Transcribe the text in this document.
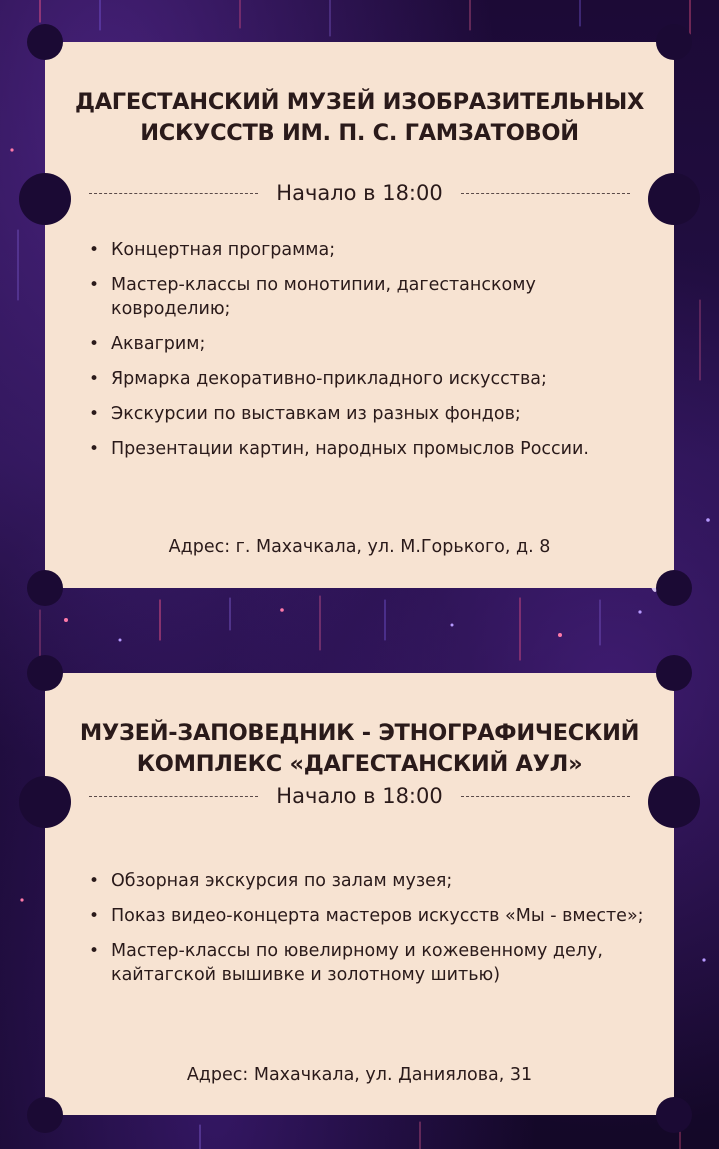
ДАГЕСТАНСКИЙ МУЗЕЙ ИЗОБРАЗИТЕЛЬНЫХ
ИСКУССТВ ИМ. П. С. ГАМЗАТОВОЙ
Начало в 18:00
• Концертная программа;
• Мастер-классы по монотипии, дагестанскому ковроделию;
• Аквагрим;
• Ярмарка декоративно-прикладного искусства;
• Экскурсии по выставкам из разных фондов;
• Презентации картин, народных промыслов России.
Адрес: г. Махачкала, ул. М.Горького, д. 8
МУЗЕЙ-ЗАПОВЕДНИК - ЭТНОГРАФИЧЕСКИЙ
КОМПЛЕКС «ДАГЕСТАНСКИЙ АУЛ»
Начало в 18:00
• Обзорная экскурсия по залам музея;
• Показ видео-концерта мастеров искусств «Мы - вместе»;
• Мастер-классы по ювелирному и кожевенному делу, кайтагской вышивке и золотному шитью)
Адрес: Махачкала, ул. Даниялова, 31
